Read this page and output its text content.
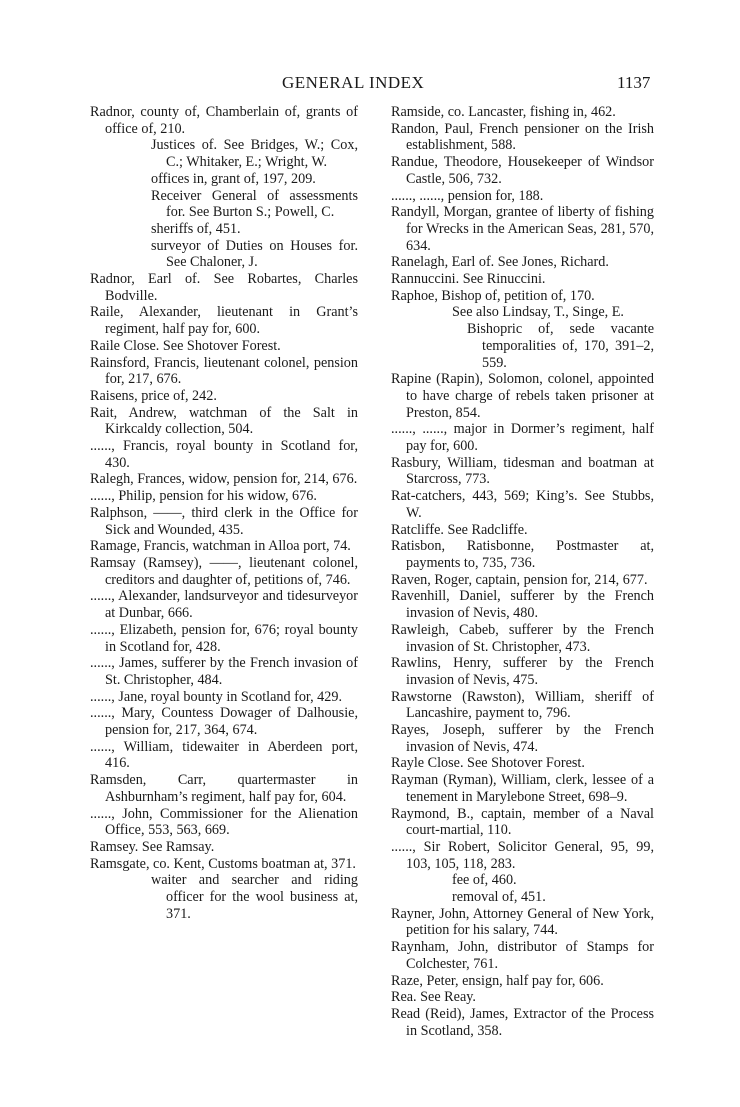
GENERAL INDEX	1137

Radnor, county of, Chamberlain of, grants of office of, 210.

Justices of. See Bridges, W.; Cox, C.; Whitaker, E.; Wright, W.

offices in, grant of, 197, 209.

Receiver General of assessments for. See Burton S.; Powell, C.

sheriffs of, 451.

surveyor of Duties on Houses for. See Chaloner, J.

Radnor, Earl of. See Robartes, Charles Bodville.

Raile, Alexander, lieutenant in Grant’s regiment, half pay for, 600.

Raile Close. See Shotover Forest.

Rainsford, Francis, lieutenant colonel, pension for, 217, 676.

Raisens, price of, 242.

Rait, Andrew, watchman of the Salt in Kirkcaldy collection, 504.

......, Francis, royal bounty in Scotland for, 430.

Ralegh, Frances, widow, pension for, 214, 676.

......, Philip, pension for his widow, 676.

Ralphson, ——, third clerk in the Office for Sick and Wounded, 435.

Ramage, Francis, watchman in Alloa port, 74.

Ramsay (Ramsey), ——, lieutenant colonel, creditors and daughter of, petitions of, 746.

......, Alexander, landsurveyor and tidesurveyor at Dunbar, 666.

......, Elizabeth, pension for, 676; royal bounty in Scotland for, 428.

......, James, sufferer by the French invasion of St. Christopher, 484.

......, Jane, royal bounty in Scotland for, 429.

......, Mary, Countess Dowager of Dalhousie, pension for, 217, 364, 674.

......, William, tidewaiter in Aberdeen port, 416.

Ramsden, Carr, quartermaster in Ashburnham’s regiment, half pay for, 604.

......, John, Commissioner for the Alienation Office, 553, 563, 669.

Ramsey. See Ramsay.

Ramsgate, co. Kent, Customs boatman at, 371.

waiter and searcher and riding officer for the wool business at, 371.

Ramside, co. Lancaster, fishing in, 462.

Randon, Paul, French pensioner on the Irish establishment, 588.

Randue, Theodore, Housekeeper of Windsor Castle, 506, 732.

......, ......, pension for, 188.

Randyll, Morgan, grantee of liberty of fishing for Wrecks in the American Seas, 281, 570, 634.

Ranelagh, Earl of. See Jones, Richard.

Rannuccini. See Rinuccini.

Raphoe, Bishop of, petition of, 170.

See also Lindsay, T., Singe, E.

Bishopric of, sede vacante temporalities of, 170, 391–2, 559.

Rapine (Rapin), Solomon, colonel, appointed to have charge of rebels taken prisoner at Preston, 854.

......, ......, major in Dormer’s regiment, half pay for, 600.

Rasbury, William, tidesman and boatman at Starcross, 773.

Rat-catchers, 443, 569; King’s. See Stubbs, W.

Ratcliffe. See Radcliffe.

Ratisbon, Ratisbonne, Postmaster at, payments to, 735, 736.

Raven, Roger, captain, pension for, 214, 677.

Ravenhill, Daniel, sufferer by the French invasion of Nevis, 480.

Rawleigh, Cabeb, sufferer by the French invasion of St. Christopher, 473.

Rawlins, Henry, sufferer by the French invasion of Nevis, 475.

Rawstorne (Rawston), William, sheriff of Lancashire, payment to, 796.

Rayes, Joseph, sufferer by the French invasion of Nevis, 474.

Rayle Close. See Shotover Forest.

Rayman (Ryman), William, clerk, lessee of a tenement in Marylebone Street, 698–9.

Raymond, B., captain, member of a Naval court-martial, 110.

......, Sir Robert, Solicitor General, 95, 99, 103, 105, 118, 283.

fee of, 460.

removal of, 451.

Rayner, John, Attorney General of New York, petition for his salary, 744.

Raynham, John, distributor of Stamps for Colchester, 761.

Raze, Peter, ensign, half pay for, 606.

Rea. See Reay.

Read (Reid), James, Extractor of the Process in Scotland, 358.
